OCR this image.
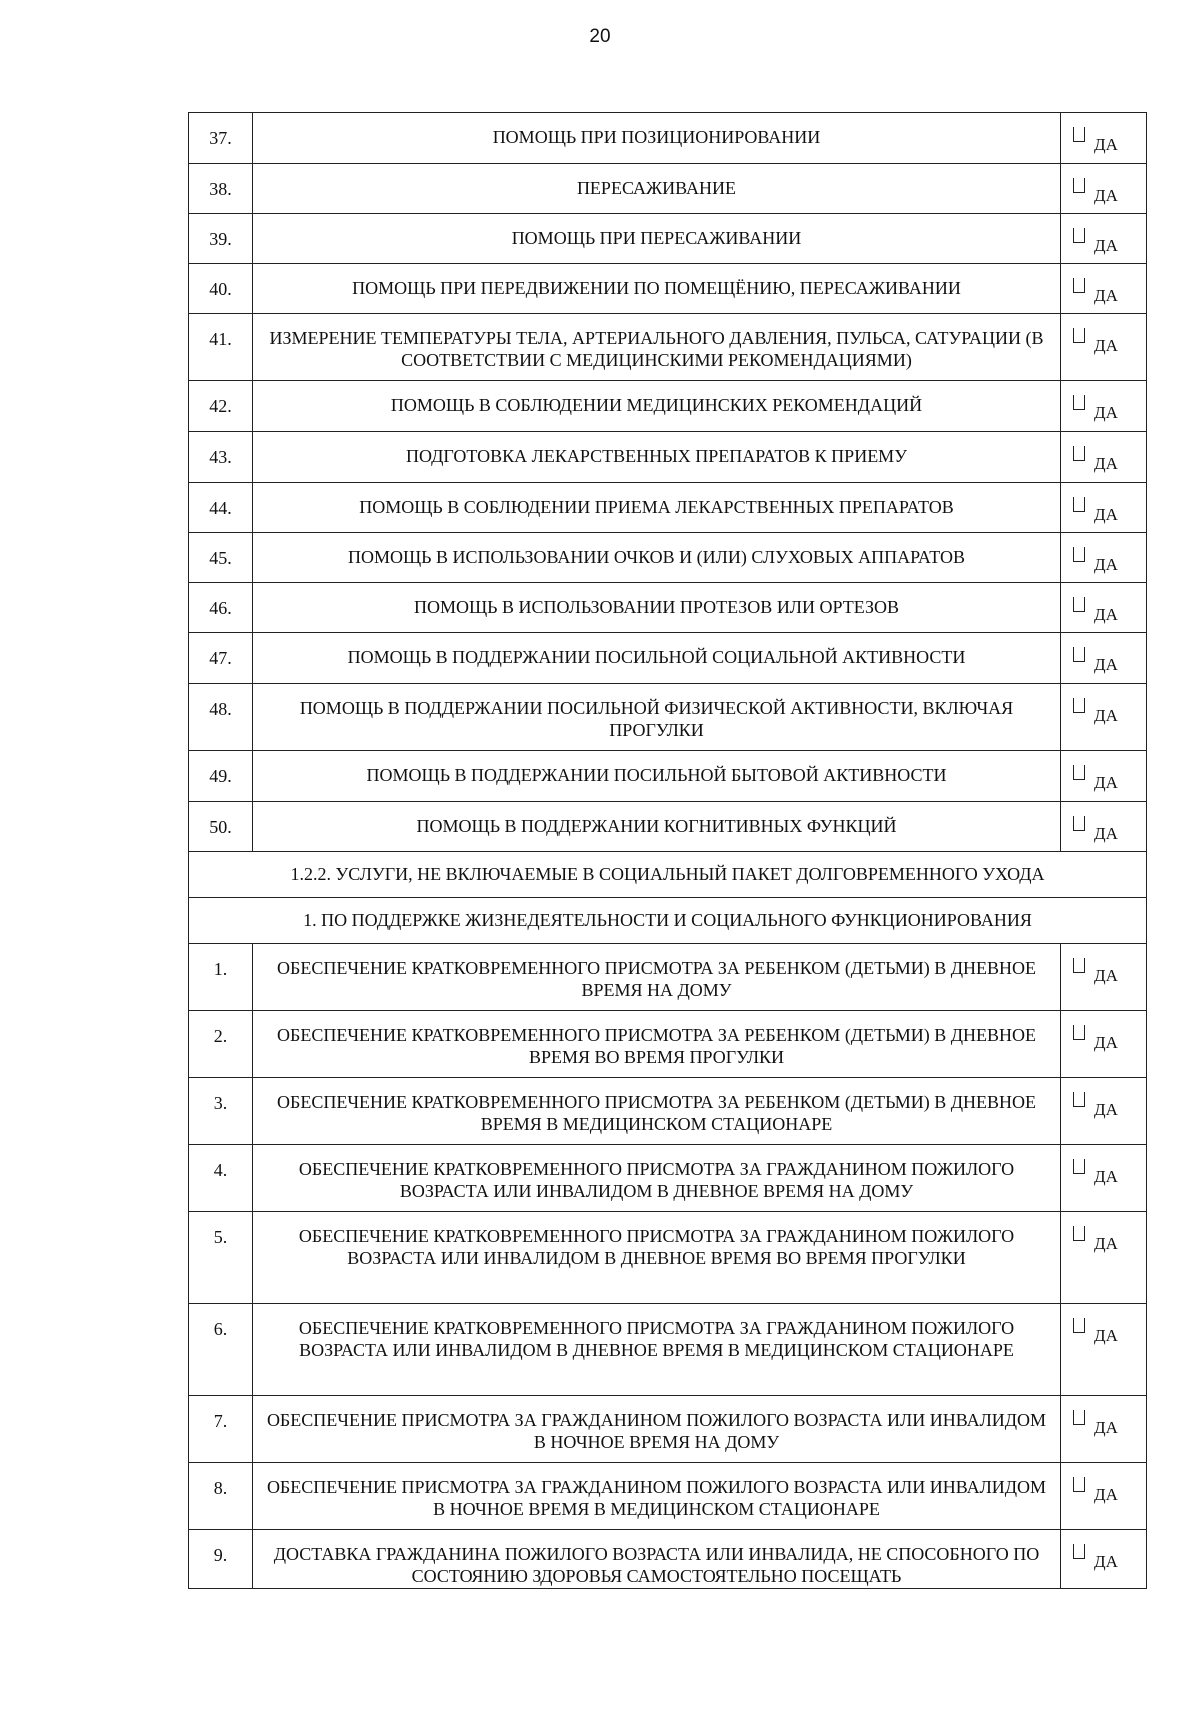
20
37.	ПОМОЩЬ ПРИ ПОЗИЦИОНИРОВАНИИ	ДА
38.	ПЕРЕСАЖИВАНИЕ	ДА
39.	ПОМОЩЬ ПРИ ПЕРЕСАЖИВАНИИ	ДА
40.	ПОМОЩЬ ПРИ ПЕРЕДВИЖЕНИИ ПО ПОМЕЩЁНИЮ, ПЕРЕСАЖИВАНИИ	ДА
41.	ИЗМЕРЕНИЕ ТЕМПЕРАТУРЫ ТЕЛА, АРТЕРИАЛЬНОГО ДАВЛЕНИЯ, ПУЛЬСА, САТУРАЦИИ (В СООТВЕТСТВИИ С МЕДИЦИНСКИМИ РЕКОМЕНДАЦИЯМИ)	ДА
42.	ПОМОЩЬ В СОБЛЮДЕНИИ МЕДИЦИНСКИХ РЕКОМЕНДАЦИЙ	ДА
43.	ПОДГОТОВКА ЛЕКАРСТВЕННЫХ ПРЕПАРАТОВ К ПРИЕМУ	ДА
44.	ПОМОЩЬ В СОБЛЮДЕНИИ ПРИЕМА ЛЕКАРСТВЕННЫХ ПРЕПАРАТОВ	ДА
45.	ПОМОЩЬ В ИСПОЛЬЗОВАНИИ ОЧКОВ И (ИЛИ) СЛУХОВЫХ АППАРАТОВ	ДА
46.	ПОМОЩЬ В ИСПОЛЬЗОВАНИИ ПРОТЕЗОВ ИЛИ ОРТЕЗОВ	ДА
47.	ПОМОЩЬ В ПОДДЕРЖАНИИ ПОСИЛЬНОЙ СОЦИАЛЬНОЙ АКТИВНОСТИ	ДА
48.	ПОМОЩЬ В ПОДДЕРЖАНИИ ПОСИЛЬНОЙ ФИЗИЧЕСКОЙ АКТИВНОСТИ, ВКЛЮЧАЯ ПРОГУЛКИ	ДА
49.	ПОМОЩЬ В ПОДДЕРЖАНИИ ПОСИЛЬНОЙ БЫТОВОЙ АКТИВНОСТИ	ДА
50.	ПОМОЩЬ В ПОДДЕРЖАНИИ КОГНИТИВНЫХ ФУНКЦИЙ	ДА
1.2.2. УСЛУГИ, НЕ ВКЛЮЧАЕМЫЕ В СОЦИАЛЬНЫЙ ПАКЕТ ДОЛГОВРЕМЕННОГО УХОДА		
1. ПО ПОДДЕРЖКЕ ЖИЗНЕДЕЯТЕЛЬНОСТИ И СОЦИАЛЬНОГО ФУНКЦИОНИРОВАНИЯ		
1.	ОБЕСПЕЧЕНИЕ КРАТКОВРЕМЕННОГО ПРИСМОТРА ЗА РЕБЕНКОМ (ДЕТЬМИ) В ДНЕВНОЕ ВРЕМЯ НА ДОМУ	ДА
2.	ОБЕСПЕЧЕНИЕ КРАТКОВРЕМЕННОГО ПРИСМОТРА ЗА РЕБЕНКОМ (ДЕТЬМИ) В ДНЕВНОЕ ВРЕМЯ ВО ВРЕМЯ ПРОГУЛКИ	ДА
3.	ОБЕСПЕЧЕНИЕ КРАТКОВРЕМЕННОГО ПРИСМОТРА ЗА РЕБЕНКОМ (ДЕТЬМИ) В ДНЕВНОЕ ВРЕМЯ В МЕДИЦИНСКОМ СТАЦИОНАРЕ	ДА
4.	ОБЕСПЕЧЕНИЕ КРАТКОВРЕМЕННОГО ПРИСМОТРА ЗА ГРАЖДАНИНОМ ПОЖИЛОГО ВОЗРАСТА ИЛИ ИНВАЛИДОМ В ДНЕВНОЕ ВРЕМЯ НА ДОМУ	ДА
5.	ОБЕСПЕЧЕНИЕ КРАТКОВРЕМЕННОГО ПРИСМОТРА ЗА ГРАЖДАНИНОМ ПОЖИЛОГО ВОЗРАСТА ИЛИ ИНВАЛИДОМ В ДНЕВНОЕ ВРЕМЯ ВО ВРЕМЯ ПРОГУЛКИ	ДА
6.	ОБЕСПЕЧЕНИЕ КРАТКОВРЕМЕННОГО ПРИСМОТРА ЗА ГРАЖДАНИНОМ ПОЖИЛОГО ВОЗРАСТА ИЛИ ИНВАЛИДОМ В ДНЕВНОЕ ВРЕМЯ В МЕДИЦИНСКОМ СТАЦИОНАРЕ	ДА
7.	ОБЕСПЕЧЕНИЕ ПРИСМОТРА ЗА ГРАЖДАНИНОМ ПОЖИЛОГО ВОЗРАСТА ИЛИ ИНВАЛИДОМ В НОЧНОЕ ВРЕМЯ НА ДОМУ	ДА
8.	ОБЕСПЕЧЕНИЕ ПРИСМОТРА ЗА ГРАЖДАНИНОМ ПОЖИЛОГО ВОЗРАСТА ИЛИ ИНВАЛИДОМ В НОЧНОЕ ВРЕМЯ В МЕДИЦИНСКОМ СТАЦИОНАРЕ	ДА
9.	ДОСТАВКА ГРАЖДАНИНА ПОЖИЛОГО ВОЗРАСТА ИЛИ ИНВАЛИДА, НЕ СПОСОБНОГО ПО СОСТОЯНИЮ ЗДОРОВЬЯ САМОСТОЯТЕЛЬНО ПОСЕЩАТЬ	ДА
